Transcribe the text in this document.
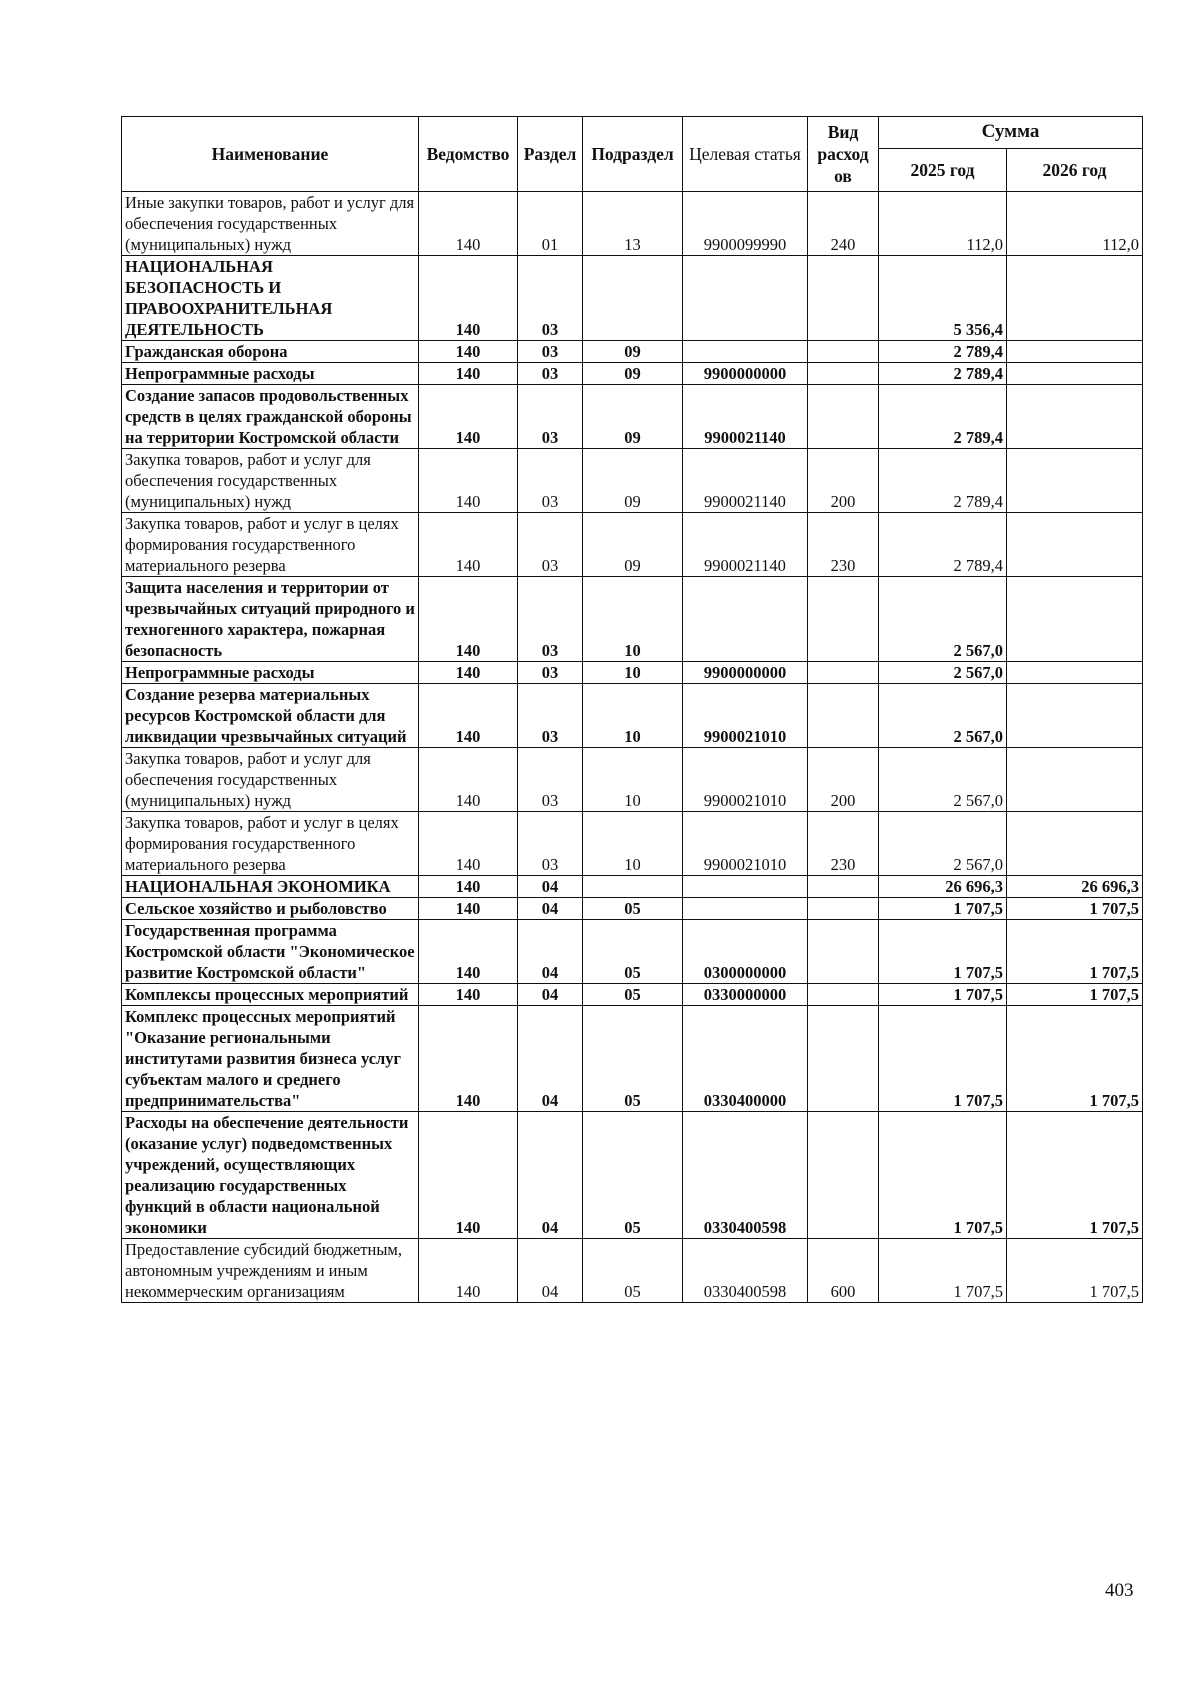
Наименование	Ведомство	Раздел	Подраздел	Целевая статья	Вид расход ов	Сумма	
						2025 год	2026 год
Иные закупки товаров, работ и услуг для обеспечения государственных (муниципальных) нужд	140	01	13	9900099990	240	112,0	112,0
НАЦИОНАЛЬНАЯ БЕЗОПАСНОСТЬ И ПРАВООХРАНИТЕЛЬНАЯ ДЕЯТЕЛЬНОСТЬ	140	03				5 356,4	
Гражданская оборона	140	03	09			2 789,4	
Непрограммные расходы	140	03	09	9900000000		2 789,4	
Создание запасов продовольственных средств в целях гражданской обороны на территории Костромской области	140	03	09	9900021140		2 789,4	
Закупка товаров, работ и услуг для обеспечения государственных (муниципальных) нужд	140	03	09	9900021140	200	2 789,4	
Закупка товаров, работ и услуг в целях формирования государственного материального резерва	140	03	09	9900021140	230	2 789,4	
Защита населения и территории от чрезвычайных ситуаций природного и техногенного характера, пожарная безопасность	140	03	10			2 567,0	
Непрограммные расходы	140	03	10	9900000000		2 567,0	
Создание резерва материальных ресурсов Костромской области для ликвидации чрезвычайных ситуаций	140	03	10	9900021010		2 567,0	
Закупка товаров, работ и услуг для обеспечения государственных (муниципальных) нужд	140	03	10	9900021010	200	2 567,0	
Закупка товаров, работ и услуг в целях формирования государственного материального резерва	140	03	10	9900021010	230	2 567,0	
НАЦИОНАЛЬНАЯ ЭКОНОМИКА	140	04				26 696,3	26 696,3
Сельское хозяйство и рыболовство	140	04	05			1 707,5	1 707,5
Государственная программа Костромской области "Экономическое развитие Костромской области"	140	04	05	0300000000		1 707,5	1 707,5
Комплексы процессных мероприятий	140	04	05	0330000000		1 707,5	1 707,5
Комплекс процессных мероприятий "Оказание региональными институтами развития бизнеса услуг субъектам малого и среднего предпринимательства"	140	04	05	0330400000		1 707,5	1 707,5
Расходы на обеспечение деятельности (оказание услуг) подведомственных учреждений, осуществляющих реализацию государственных функций в области национальной экономики	140	04	05	0330400598		1 707,5	1 707,5
Предоставление субсидий бюджетным, автономным учреждениям и иным некоммерческим организациям	140	04	05	0330400598	600	1 707,5	1 707,5
403
